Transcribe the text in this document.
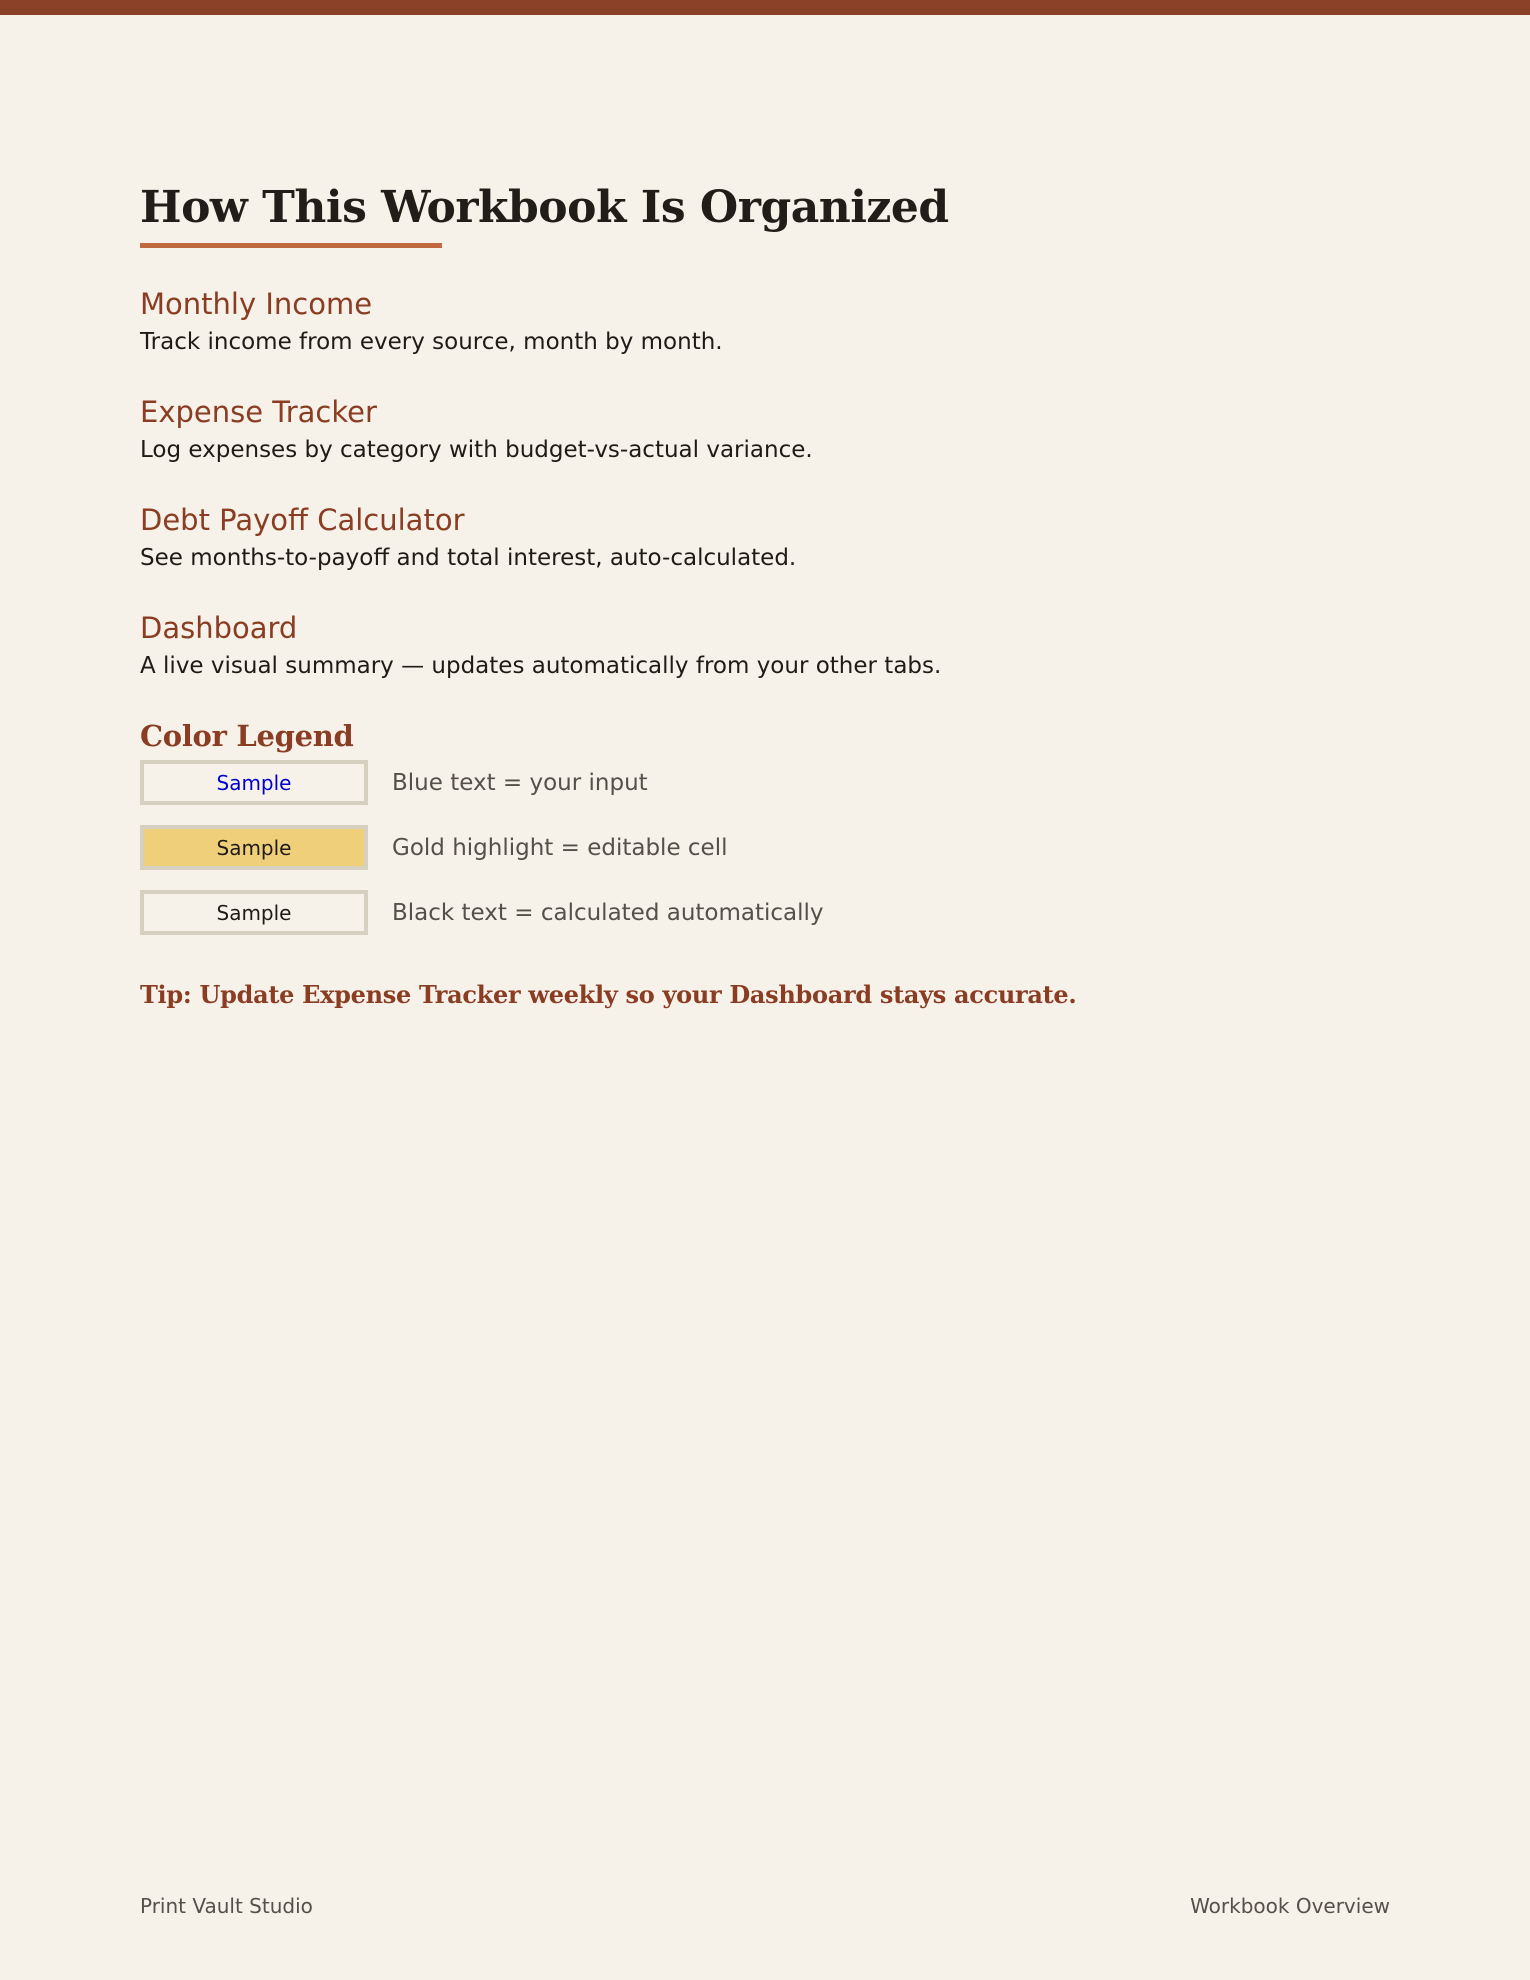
How This Workbook Is Organized
Monthly Income

Track income from every source, month by month.

Expense Tracker

Log expenses by category with budget-vs-actual variance.

Debt Payoff Calculator

See months-to-payoff and total interest, auto-calculated.

Dashboard

A live visual summary — updates automatically from your other tabs.

Color Legend
Sample	Blue text = your input
Sample	Gold highlight = editable cell
Sample	Black text = calculated automatically
Tip: Update Expense Tracker weekly so your Dashboard stays accurate.
Print Vault Studio	Workbook Overview
